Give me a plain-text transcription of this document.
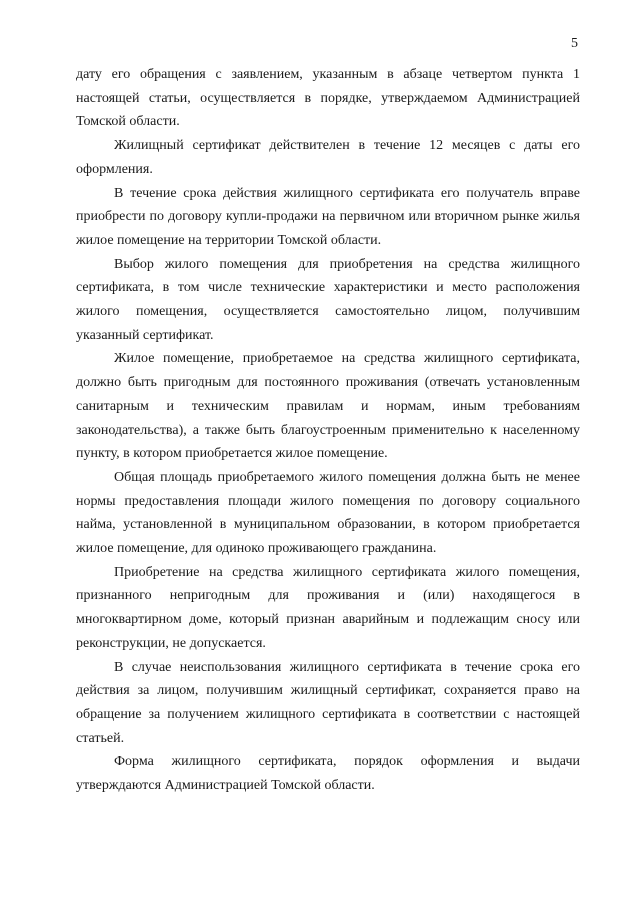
5

дату его обращения с заявлением, указанным в абзаце четвертом пункта 1 настоящей статьи, осуществляется в порядке, утверждаемом Администрацией Томской области.

Жилищный сертификат действителен в течение 12 месяцев с даты его оформления.

В течение срока действия жилищного сертификата его получатель вправе приобрести по договору купли-продажи на первичном или вторичном рынке жилья жилое помещение на территории Томской области.

Выбор жилого помещения для приобретения на средства жилищного сертификата, в том числе технические характеристики и место расположения жилого помещения, осуществляется самостоятельно лицом, получившим указанный сертификат.

Жилое помещение, приобретаемое на средства жилищного сертификата, должно быть пригодным для постоянного проживания (отвечать установленным санитарным и техническим правилам и нормам, иным требованиям законодательства), а также быть благоустроенным применительно к населенному пункту, в котором приобретается жилое помещение.

Общая площадь приобретаемого жилого помещения должна быть не менее нормы предоставления площади жилого помещения по договору социального найма, установленной в муниципальном образовании, в котором приобретается жилое помещение, для одиноко проживающего гражданина.

Приобретение на средства жилищного сертификата жилого помещения, признанного непригодным для проживания и (или) находящегося в многоквартирном доме, который признан аварийным и подлежащим сносу или реконструкции, не допускается.

В случае неиспользования жилищного сертификата в течение срока его действия за лицом, получившим жилищный сертификат, сохраняется право на обращение за получением жилищного сертификата в соответствии с настоящей статьей.

Форма жилищного сертификата, порядок оформления и выдачи утверждаются Администрацией Томской области.
